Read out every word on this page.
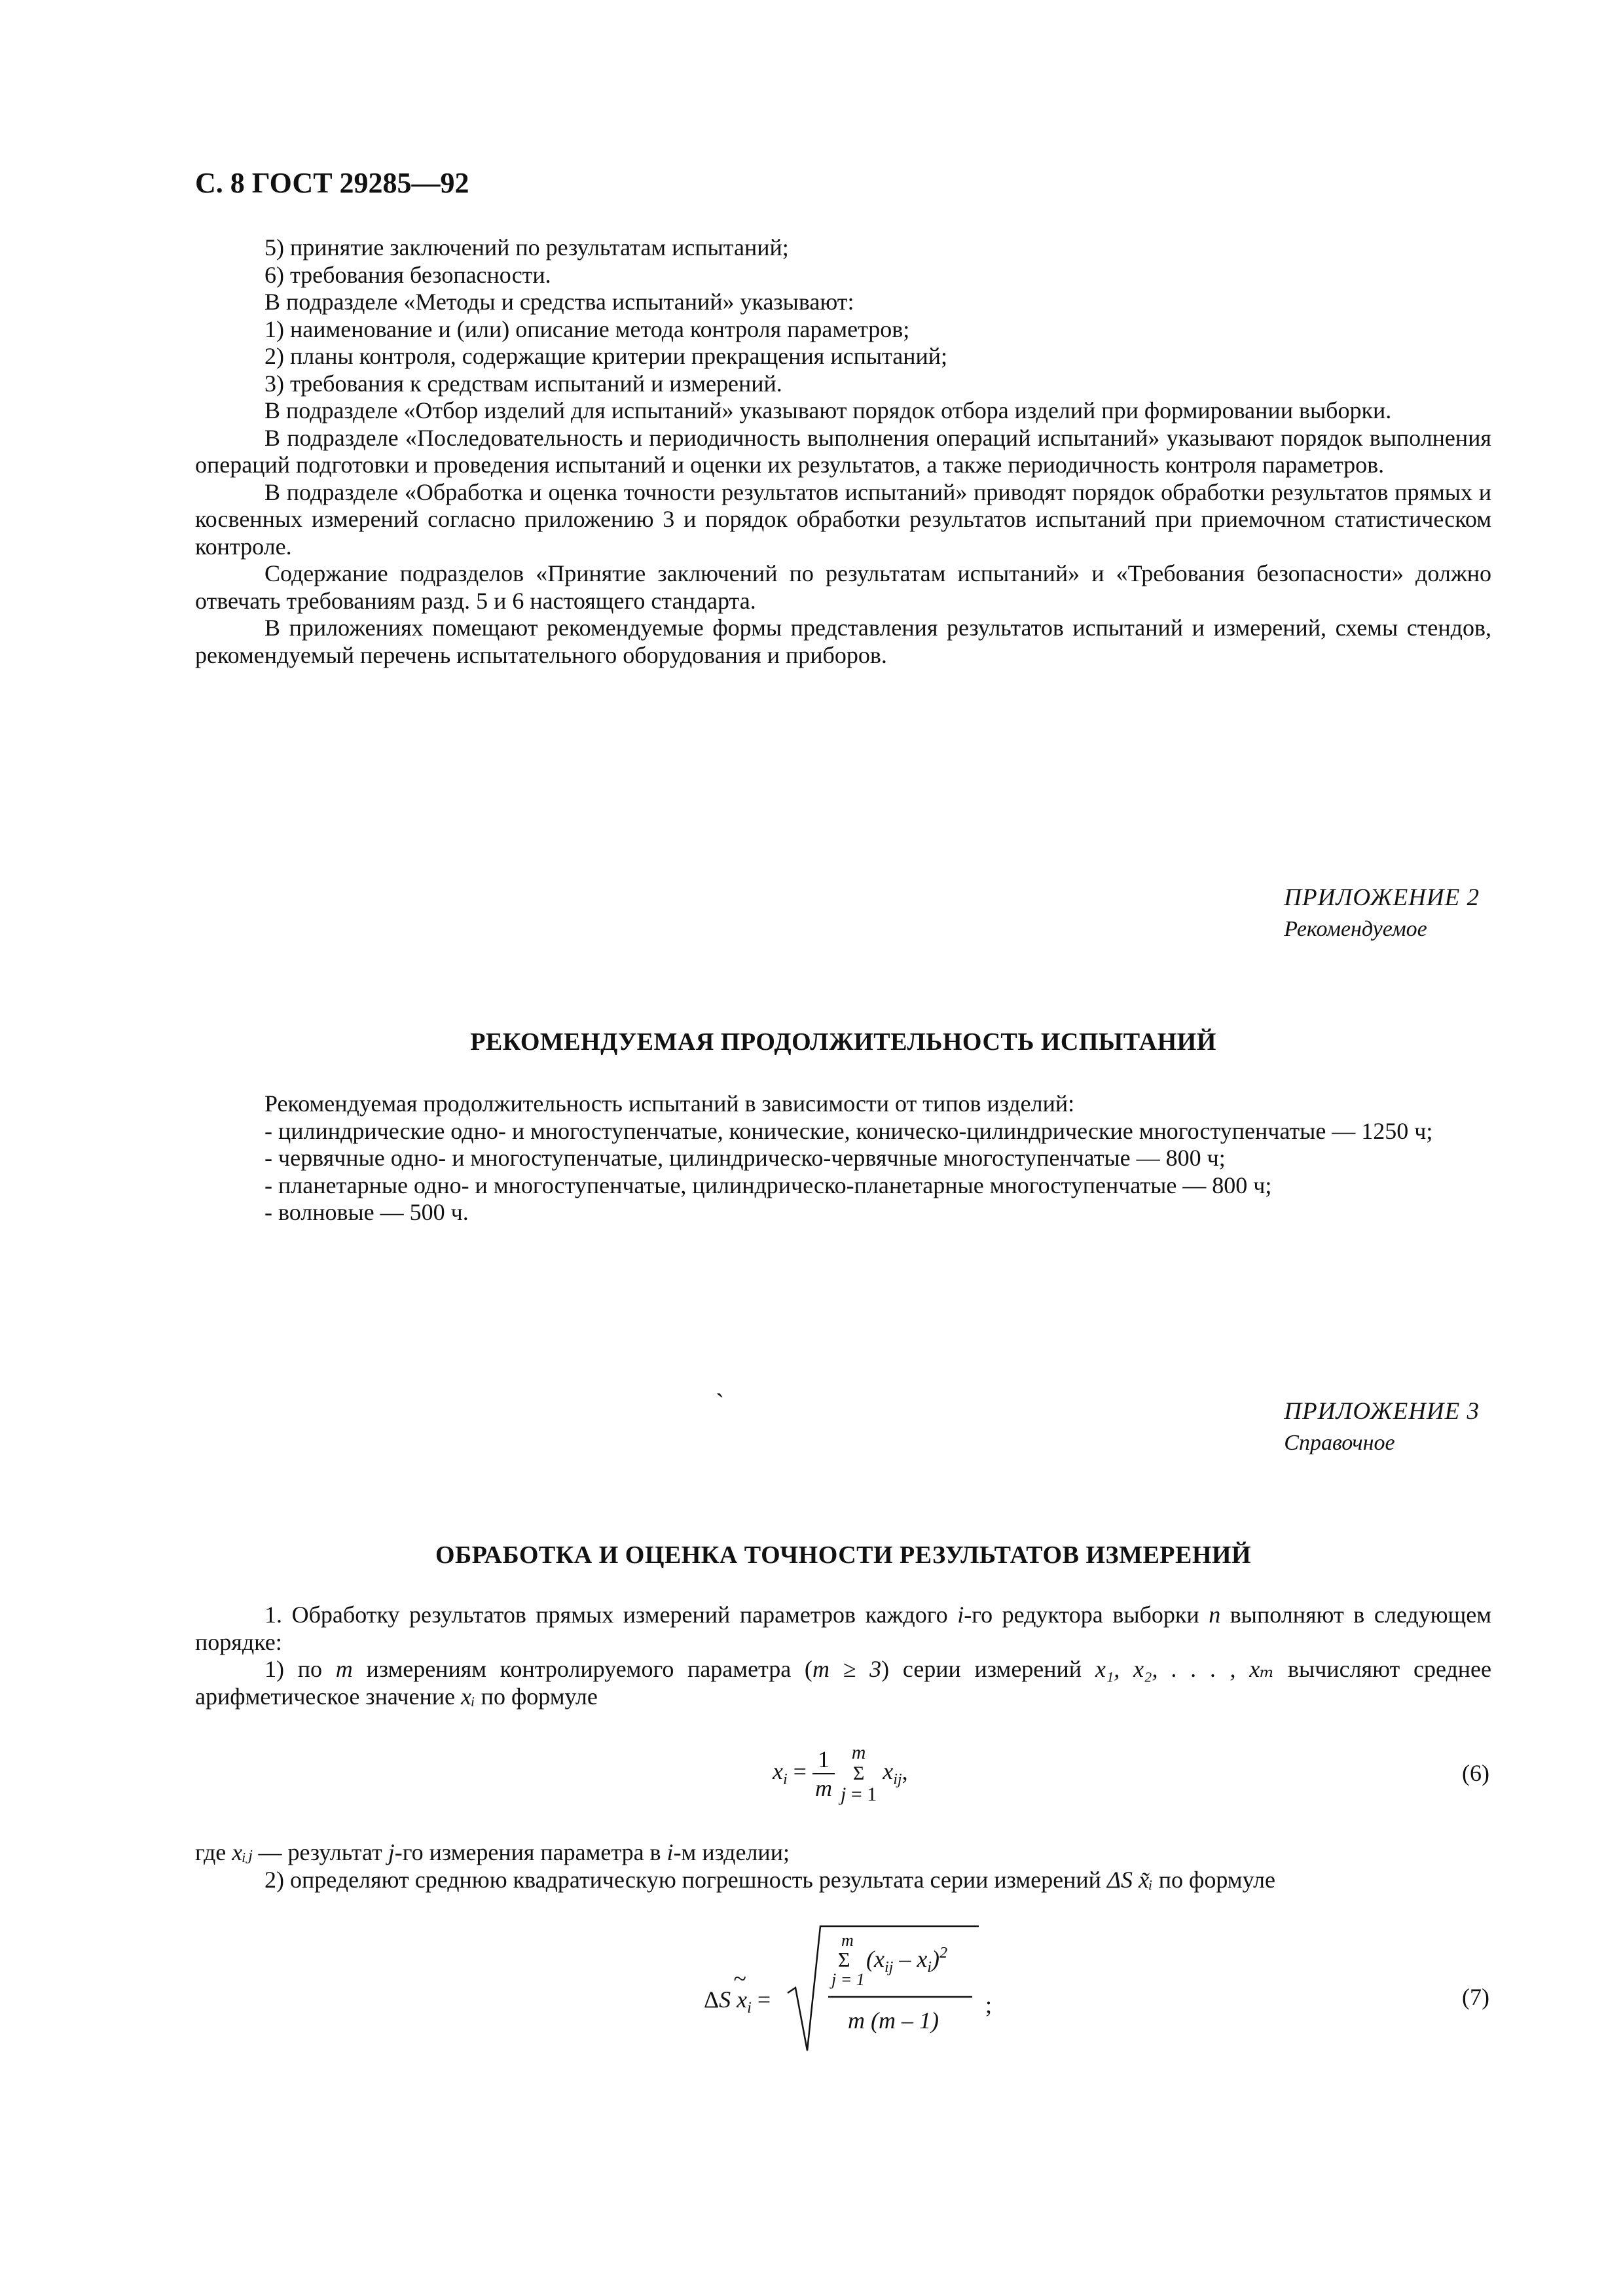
С. 8 ГОСТ 29285—92

5) принятие заключений по результатам испытаний;

6) требования безопасности.

В подразделе «Методы и средства испытаний» указывают:

1) наименование и (или) описание метода контроля параметров;

2) планы контроля, содержащие критерии прекращения испытаний;

3) требования к средствам испытаний и измерений.

В подразделе «Отбор изделий для испытаний» указывают порядок отбора изделий при формировании выборки.

В подразделе «Последовательность и периодичность выполнения операций испытаний» указывают порядок выполнения операций подготовки и проведения испытаний и оценки их результатов, а также периодичность контроля параметров.

В подразделе «Обработка и оценка точности результатов испытаний» приводят порядок обработки результатов прямых и косвенных измерений согласно приложению 3 и порядок обработки результатов испытаний при приемочном статистическом контроле.

Содержание подразделов «Принятие заключений по результатам испытаний» и «Требования безопасности» должно отвечать требованиям разд. 5 и 6 настоящего стандарта.

В приложениях помещают рекомендуемые формы представления результатов испытаний и измерений, схемы стендов, рекомендуемый перечень испытательного оборудования и приборов.

ПРИЛОЖЕНИЕ 2
Рекомендуемое
РЕКОМЕНДУЕМАЯ ПРОДОЛЖИТЕЛЬНОСТЬ ИСПЫТАНИЙ

Рекомендуемая продолжительность испытаний в зависимости от типов изделий:

- цилиндрические одно- и многоступенчатые, конические, коническо-цилиндрические многоступенчатые — 1250 ч;

- червячные одно- и многоступенчатые, цилиндрическо-червячные многоступенчатые — 800 ч;

- планетарные одно- и многоступенчатые, цилиндрическо-планетарные многоступенчатые — 800 ч;

- волновые — 500 ч.

`	ПРИЛОЖЕНИЕ 3
Справочное
ОБРАБОТКА И ОЦЕНКА ТОЧНОСТИ РЕЗУЛЬТАТОВ ИЗМЕРЕНИЙ

1. Обработку результатов прямых измерений параметров каждого i-го редуктора выборки n выполняют в следующем порядке:

1) по m измерениям контролируемого параметра (m ≥ 3) серии измерений x₁, x₂, . . . , xₘ вычисляют среднее арифметическое значение xᵢ по формуле

$x_i = \frac{1}{m}$ m
Σ
j = 1 $x_{ij}$,	(6)

где xᵢⱼ — результат j-го измерения параметра в i-м изделии;

2) определяют среднюю квадратическую погрешность результата серии измерений ΔS x̃ᵢ по формуле

ΔS $x_i$ =
~
m
Σ $(x_{ij} - x_i)^2$
j = 1
m (m – 1)
;	(7)
